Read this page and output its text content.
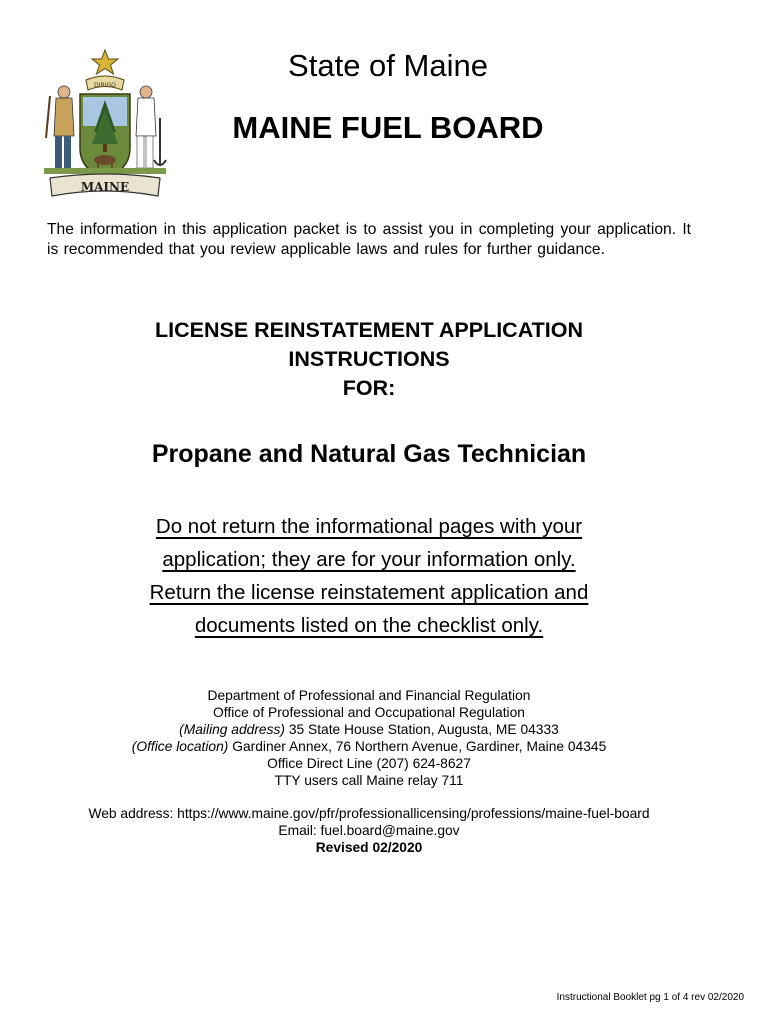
DIRIGO
MAINE
State of Maine
MAINE FUEL BOARD
The information in this application packet is to assist you in completing your application. It is recommended that you review applicable laws and rules for further guidance.
LICENSE REINSTATEMENT APPLICATION
INSTRUCTIONS
FOR:
Propane and Natural Gas Technician
Do not return the informational pages with your
application; they are for your information only.
Return the license reinstatement application and
documents listed on the checklist only.
Department of Professional and Financial Regulation
Office of Professional and Occupational Regulation
(Mailing address) 35 State House Station, Augusta, ME 04333
(Office location) Gardiner Annex, 76 Northern Avenue, Gardiner, Maine 04345
Office Direct Line (207) 624-8627
TTY users call Maine relay 711
Web address: https://www.maine.gov/pfr/professionallicensing/professions/maine-fuel-board
Email: fuel.board@maine.gov
Revised 02/2020
Instructional Booklet pg 1 of 4 rev 02/2020
